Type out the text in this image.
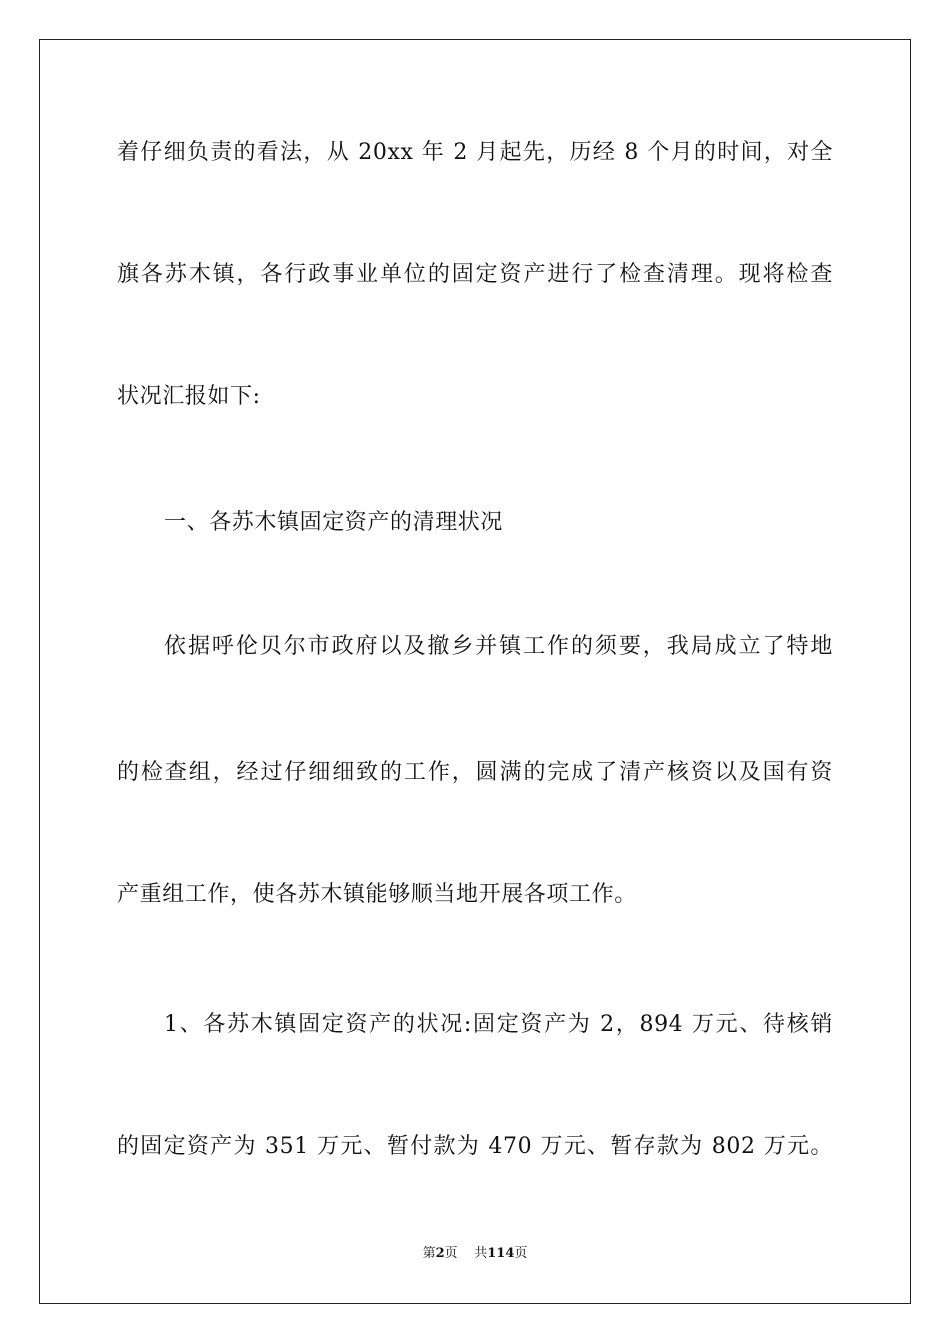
着仔细负责的看法，从 20xx 年 2 月起先，历经 8 个月的时间，对全
旗各苏木镇，各行政事业单位的固定资产进行了检查清理。现将检查
状况汇报如下:
一、各苏木镇固定资产的清理状况
依据呼伦贝尔市政府以及撤乡并镇工作的须要，我局成立了特地
的检查组，经过仔细细致的工作，圆满的完成了清产核资以及国有资
产重组工作，使各苏木镇能够顺当地开展各项工作。
1、各苏木镇固定资产的状况:固定资产为 2，894 万元、待核销
的固定资产为 351 万元、暂付款为 470 万元、暂存款为 802 万元。
第2页 共114页
